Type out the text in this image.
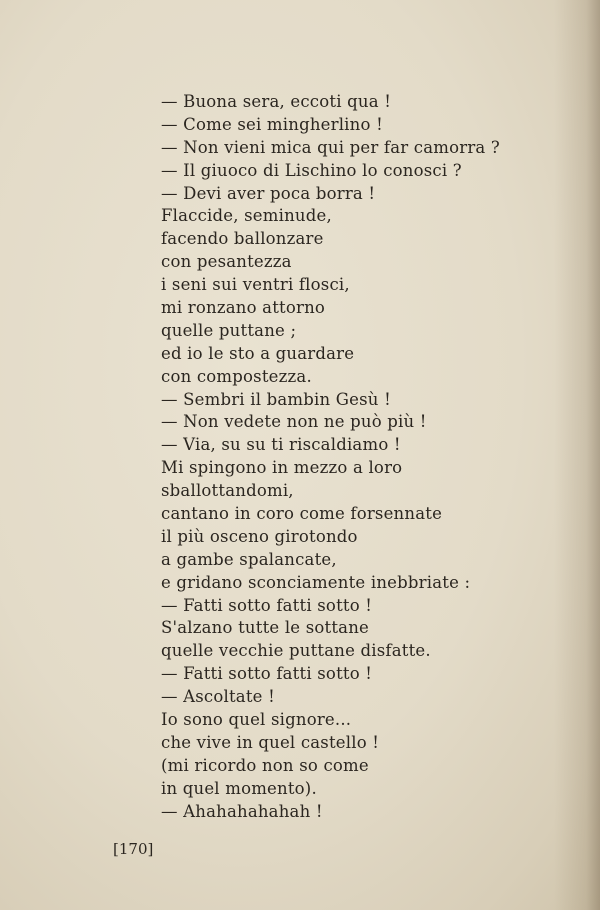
— Buona sera, eccoti qua !
— Come sei mingherlino !
— Non vieni mica qui per far camorra ?
— Il giuoco di Lischino lo conosci ?
— Devi aver poca borra !
Flaccide, seminude,
facendo ballonzare
con pesantezza
i seni sui ventri flosci,
mi ronzano attorno
quelle puttane ;
ed io le sto a guardare
con compostezza.
— Sembri il bambin Gesù !
— Non vedete non ne può più !
— Via, su su ti riscaldiamo !
Mi spingono in mezzo a loro
sballottandomi,
cantano in coro come forsennate
il più osceno girotondo
a gambe spalancate,
e gridano sconciamente inebbriate :
— Fatti sotto fatti sotto !
S'alzano tutte le sottane
quelle vecchie puttane disfatte.
— Fatti sotto fatti sotto !
— Ascoltate !
Io sono quel signore...
che vive in quel castello !
(mi ricordo non so come
in quel momento).
— Ahahahahahah !
[170]
